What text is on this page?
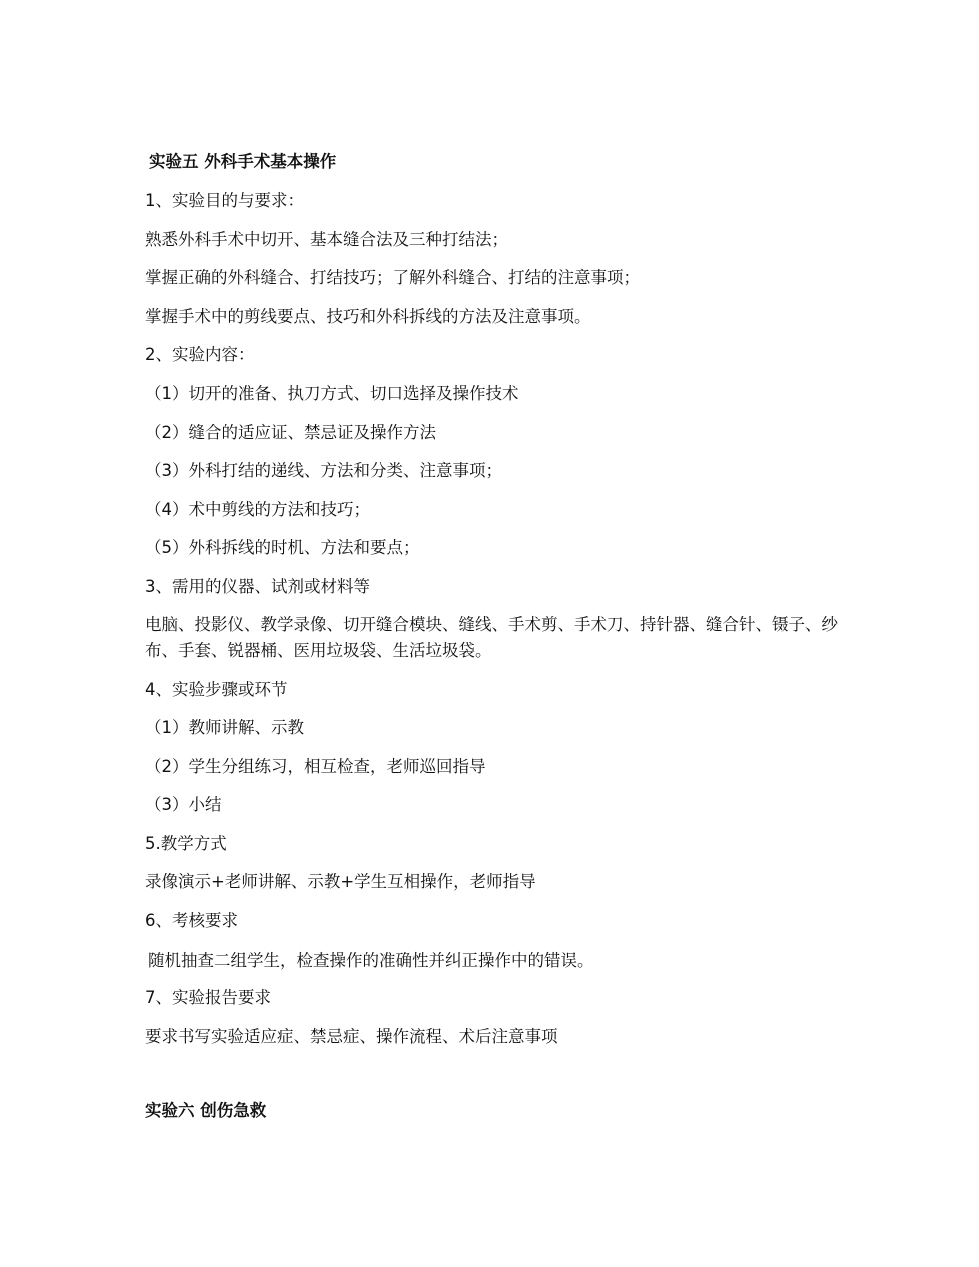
实验五 外科手术基本操作

1、实验目的与要求：

熟悉外科手术中切开、基本缝合法及三种打结法；

掌握正确的外科缝合、打结技巧；了解外科缝合、打结的注意事项；

掌握手术中的剪线要点、技巧和外科拆线的方法及注意事项。

2、实验内容：

（1）切开的准备、执刀方式、切口选择及操作技术

（2）缝合的适应证、禁忌证及操作方法

（3）外科打结的递线、方法和分类、注意事项；

（4）术中剪线的方法和技巧；

（5）外科拆线的时机、方法和要点；

3、需用的仪器、试剂或材料等

电脑、投影仪、教学录像、切开缝合模块、缝线、手术剪、手术刀、持针器、缝合针、镊子、纱布、手套、锐器桶、医用垃圾袋、生活垃圾袋。

4、实验步骤或环节

（1）教师讲解、示教

（2）学生分组练习，相互检查，老师巡回指导

（3）小结

5.教学方式

录像演示+老师讲解、示教+学生互相操作，老师指导

6、考核要求

随机抽查二组学生，检查操作的准确性并纠正操作中的错误。

7、实验报告要求

要求书写实验适应症、禁忌症、操作流程、术后注意事项

实验六 创伤急救
